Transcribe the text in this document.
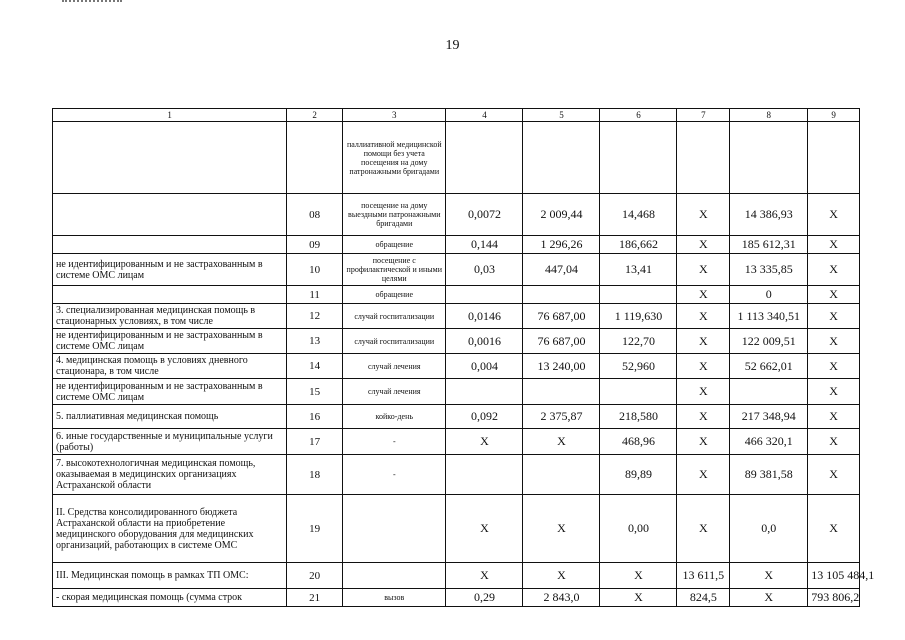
19
1	2	3	4	5	6	7	8	9
		паллиативной медицинской помощи без учета посещения на дому патронажными бригадами						
	08	посещение на дому выездными патронажными бригадами	0,0072	2 009,44	14,468	X	14 386,93	X
	09	обращение	0,144	1 296,26	186,662	X	185 612,31	X
не идентифицированным и не застрахованным в системе ОМС лицам	10	посещение с профилактической и иными целями	0,03	447,04	13,41	X	13 335,85	X
	11	обращение				X	0	X
3. специализированная медицинская помощь в стационарных условиях, в том числе	12	случай госпитализации	0,0146	76 687,00	1 119,630	X	1 113 340,51	X
не идентифицированным и не застрахованным в системе ОМС лицам	13	случай госпитализации	0,0016	76 687,00	122,70	X	122 009,51	X
4. медицинская помощь в условиях дневного стационара, в том числе	14	случай лечения	0,004	13 240,00	52,960	X	52 662,01	X
не идентифицированным и не застрахованным в системе ОМС лицам	15	случай лечения				X		X
5. паллиативная медицинская помощь	16	койко-день	0,092	2 375,87	218,580	X	217 348,94	X
6. иные государственные и муниципальные услуги (работы)	17	-	X	X	468,96	X	466 320,1	X
7. высокотехнологичная медицинская помощь, оказываемая в медицинских организациях Астраханской области	18	-			89,89	X	89 381,58	X
II. Средства консолидированного бюджета Астраханской области на приобретение медицинского оборудования для медицинских организаций, работающих в системе ОМС	19		X	X	0,00	X	0,0	X
III. Медицинская помощь в рамках ТП ОМС:	20		X	X	X	13 611,5	X	13 105 484,1
- скорая медицинская помощь (сумма строк	21	вызов	0,29	2 843,0	X	824,5	X	793 806,2
